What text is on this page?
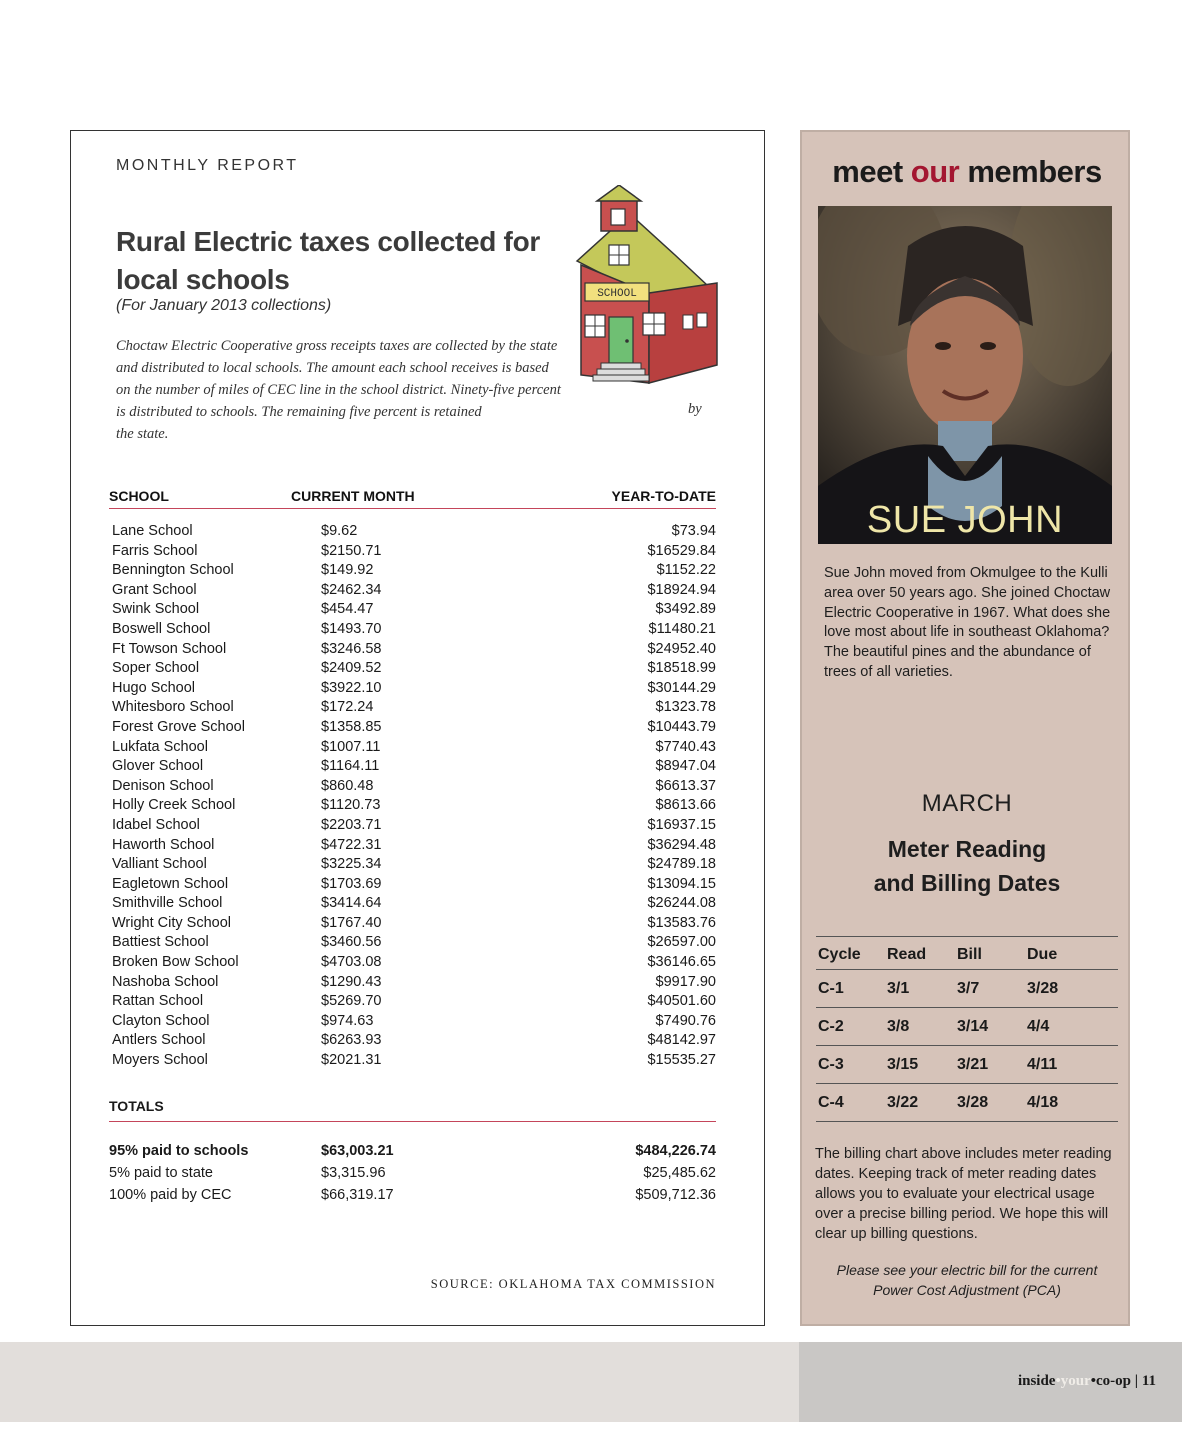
MONTHLY REPORT
Rural Electric taxes collected for local schools
(For January 2013 collections)

Choctaw Electric Cooperative gross receipts taxes are collected by the state and distributed to local schools. The amount each school receives is based on the number of miles of CEC line in the school district. Ninety-five percent is distributed to schools. The remaining five percent is retained
the state.

by
SCHOOL
SCHOOL	CURRENT MONTH	YEAR-TO-DATE
Lane School	$9.62	$73.94
Farris School	$2150.71	$16529.84
Bennington School	$149.92	$1152.22
Grant School	$2462.34	$18924.94
Swink School	$454.47	$3492.89
Boswell School	$1493.70	$11480.21
Ft Towson School	$3246.58	$24952.40
Soper School	$2409.52	$18518.99
Hugo School	$3922.10	$30144.29
Whitesboro School	$172.24	$1323.78
Forest Grove School	$1358.85	$10443.79
Lukfata School	$1007.11	$7740.43
Glover School	$1164.11	$8947.04
Denison School	$860.48	$6613.37
Holly Creek School	$1120.73	$8613.66
Idabel School	$2203.71	$16937.15
Haworth School	$4722.31	$36294.48
Valliant School	$3225.34	$24789.18
Eagletown School	$1703.69	$13094.15
Smithville School	$3414.64	$26244.08
Wright City School	$1767.40	$13583.76
Battiest School	$3460.56	$26597.00
Broken Bow School	$4703.08	$36146.65
Nashoba School	$1290.43	$9917.90
Rattan School	$5269.70	$40501.60
Clayton School	$974.63	$7490.76
Antlers School	$6263.93	$48142.97
Moyers School	$2021.31	$15535.27
TOTALS
95% paid to schools	$63,003.21	$484,226.74
5% paid to state	$3,315.96	$25,485.62
100% paid by CEC	$66,319.17	$509,712.36
SOURCE: OKLAHOMA TAX COMMISSION
meet our members
SUE JOHN

Sue John moved from Okmulgee to the Kulli area over 50 years ago. She joined Choctaw Electric Cooperative in 1967. What does she love most about life in southeast Oklahoma? The beautiful pines and the abundance of trees of all varieties.

MARCH
Meter Reading
and Billing Dates
Cycle Read Bill	Due
C-1	3/1	3/7	3/28
C-2	3/8	3/14 4/4
C-3	3/15 3/21 4/11
C-4	3/22 3/28 4/18

The billing chart above includes meter reading dates. Keeping track of meter reading dates allows you to evaluate your electrical usage over a precise billing period. We hope this will clear up billing questions.

Please see your electric bill for the current Power Cost Adjustment (PCA)

inside•your•co-op | 11
